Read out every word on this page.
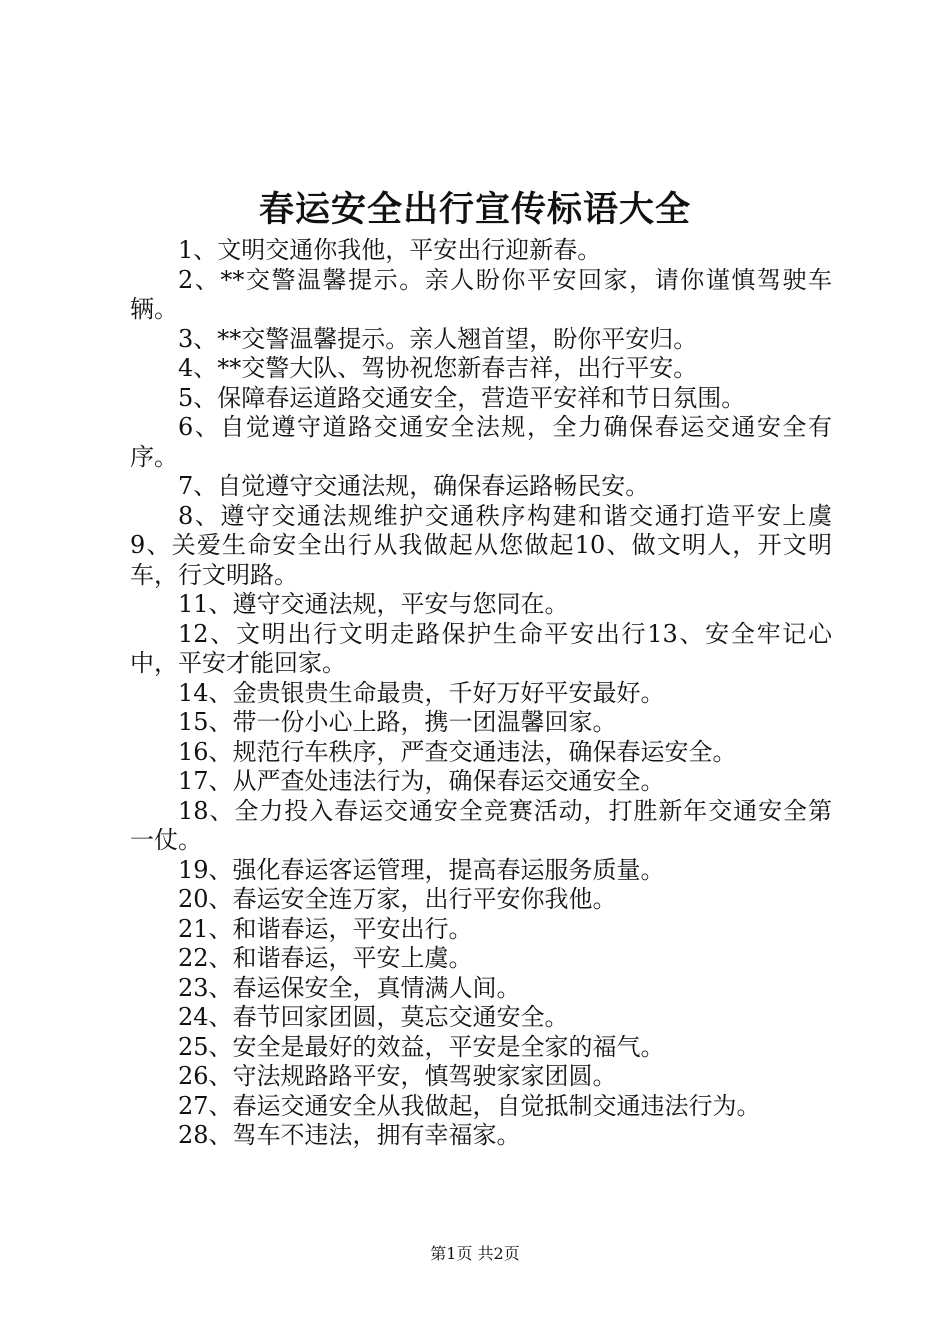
春运安全出行宣传标语大全

1、文明交通你我他，平安出行迎新春。

2、**交警温馨提示。亲人盼你平安回家，请你谨慎驾驶车辆。

3、**交警温馨提示。亲人翘首望，盼你平安归。

4、**交警大队、驾协祝您新春吉祥，出行平安。

5、保障春运道路交通安全，营造平安祥和节日氛围。

6、自觉遵守道路交通安全法规，全力确保春运交通安全有序。

7、自觉遵守交通法规，确保春运路畅民安。

8、遵守交通法规维护交通秩序构建和谐交通打造平安上虞9、关爱生命安全出行从我做起从您做起10、做文明人，开文明车，行文明路。

11、遵守交通法规，平安与您同在。

12、文明出行文明走路保护生命平安出行13、安全牢记心中，平安才能回家。

14、金贵银贵生命最贵，千好万好平安最好。

15、带一份小心上路，携一团温馨回家。

16、规范行车秩序，严查交通违法，确保春运安全。

17、从严查处违法行为，确保春运交通安全。

18、全力投入春运交通安全竞赛活动，打胜新年交通安全第一仗。

19、强化春运客运管理，提高春运服务质量。

20、春运安全连万家，出行平安你我他。

21、和谐春运，平安出行。

22、和谐春运，平安上虞。

23、春运保安全，真情满人间。

24、春节回家团圆，莫忘交通安全。

25、安全是最好的效益，平安是全家的福气。

26、守法规路路平安，慎驾驶家家团圆。

27、春运交通安全从我做起，自觉抵制交通违法行为。

28、驾车不违法，拥有幸福家。

第1页 共2页
